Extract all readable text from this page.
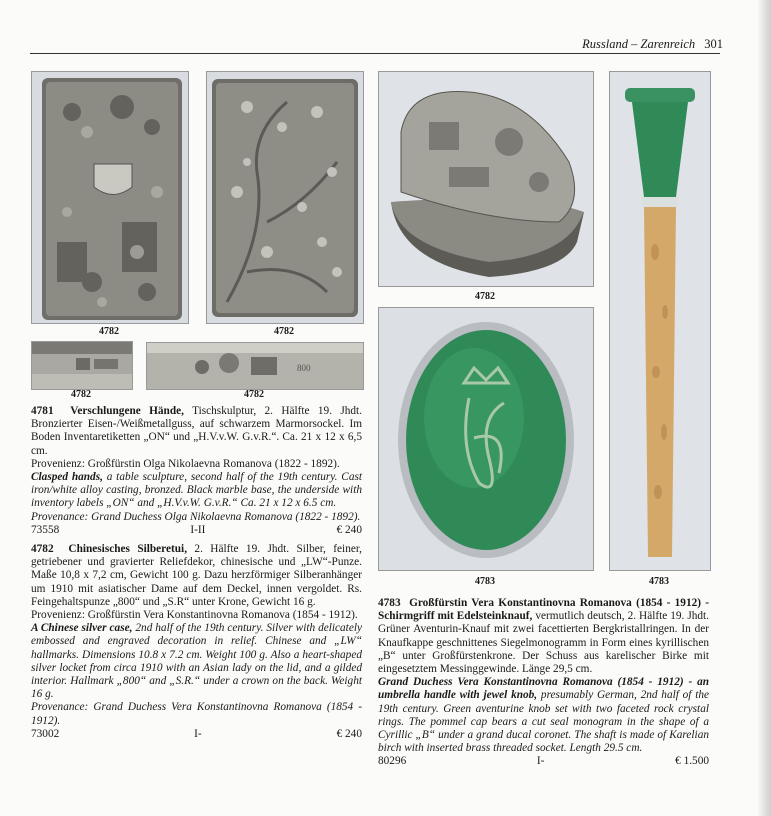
Russland – Zarenreich 301
4782	4782
4782
800
4782
4782
4783	4783

4781 Verschlungene Hände, Tischskulptur, 2. Hälfte 19. Jhdt. Bronzierter Eisen-/Weißmetallguss, auf schwarzem Marmorsockel. Im Boden Inventaretiketten „ON“ und „H.V.v.W. G.v.R.“. Ca. 21 x 12 x 6,5 cm.

Provenienz: Großfürstin Olga Nikolaevna Romanova (1822 - 1892).

Clasped hands, a table sculpture, second half of the 19th century. Cast iron/white alloy casting, bronzed. Black marble base, the underside with inventory labels „ON“ and „H.V.v.W. G.v.R.“ Ca. 21 x 12 x 6.5 cm.

Provenance: Grand Duchess Olga Nikolaevna Romanova (1822 - 1892).

73558	I-II	€ 240

4782 Chinesisches Silberetui, 2. Hälfte 19. Jhdt. Silber, feiner, getriebener und gravierter Reliefdekor, chinesische und „LW“-Punze. Maße 10,8 x 7,2 cm, Gewicht 100 g. Dazu herzförmiger Silberanhänger um 1910 mit asiatischer Dame auf dem Deckel, innen vergoldet. Rs. Feingehaltspunze „800“ und „S.R“ unter Krone, Gewicht 16 g.

Provenienz: Großfürstin Vera Konstantinovna Romanova (1854 - 1912).

A Chinese silver case, 2nd half of the 19th century. Silver with delicately embossed and engraved decoration in relief. Chinese and „LW“ hallmarks. Dimensions 10.8 x 7.2 cm. Weight 100 g. Also a heart-shaped silver locket from circa 1910 with an Asian lady on the lid, and a gilded interior. Hallmark „800“ and „S.R.“ under a crown on the back. Weight 16 g.

Provenance: Grand Duchess Vera Konstantinovna Romanova (1854 - 1912).

73002	I-	€ 240

4783 Großfürstin Vera Konstantinovna Romanova (1854 - 1912) - Schirmgriff mit Edelsteinknauf, vermutlich deutsch, 2. Hälfte 19. Jhdt. Grüner Aventurin-Knauf mit zwei facettierten Bergkristallringen. In der Knaufkappe geschnittenes Siegelmonogramm in Form eines kyrillischen „B“ unter Großfürstenkrone. Der Schuss aus karelischer Birke mit eingesetztem Messinggewinde. Länge 29,5 cm.

Grand Duchess Vera Konstantinovna Romanova (1854 - 1912) - an umbrella handle with jewel knob, presumably German, 2nd half of the 19th century. Green aventurine knob set with two faceted rock crystal rings. The pommel cap bears a cut seal monogram in the shape of a Cyrillic „B“ under a grand ducal coronet. The shaft is made of Karelian birch with inserted brass threaded socket. Length 29.5 cm.

80296	I-	€ 1.500
